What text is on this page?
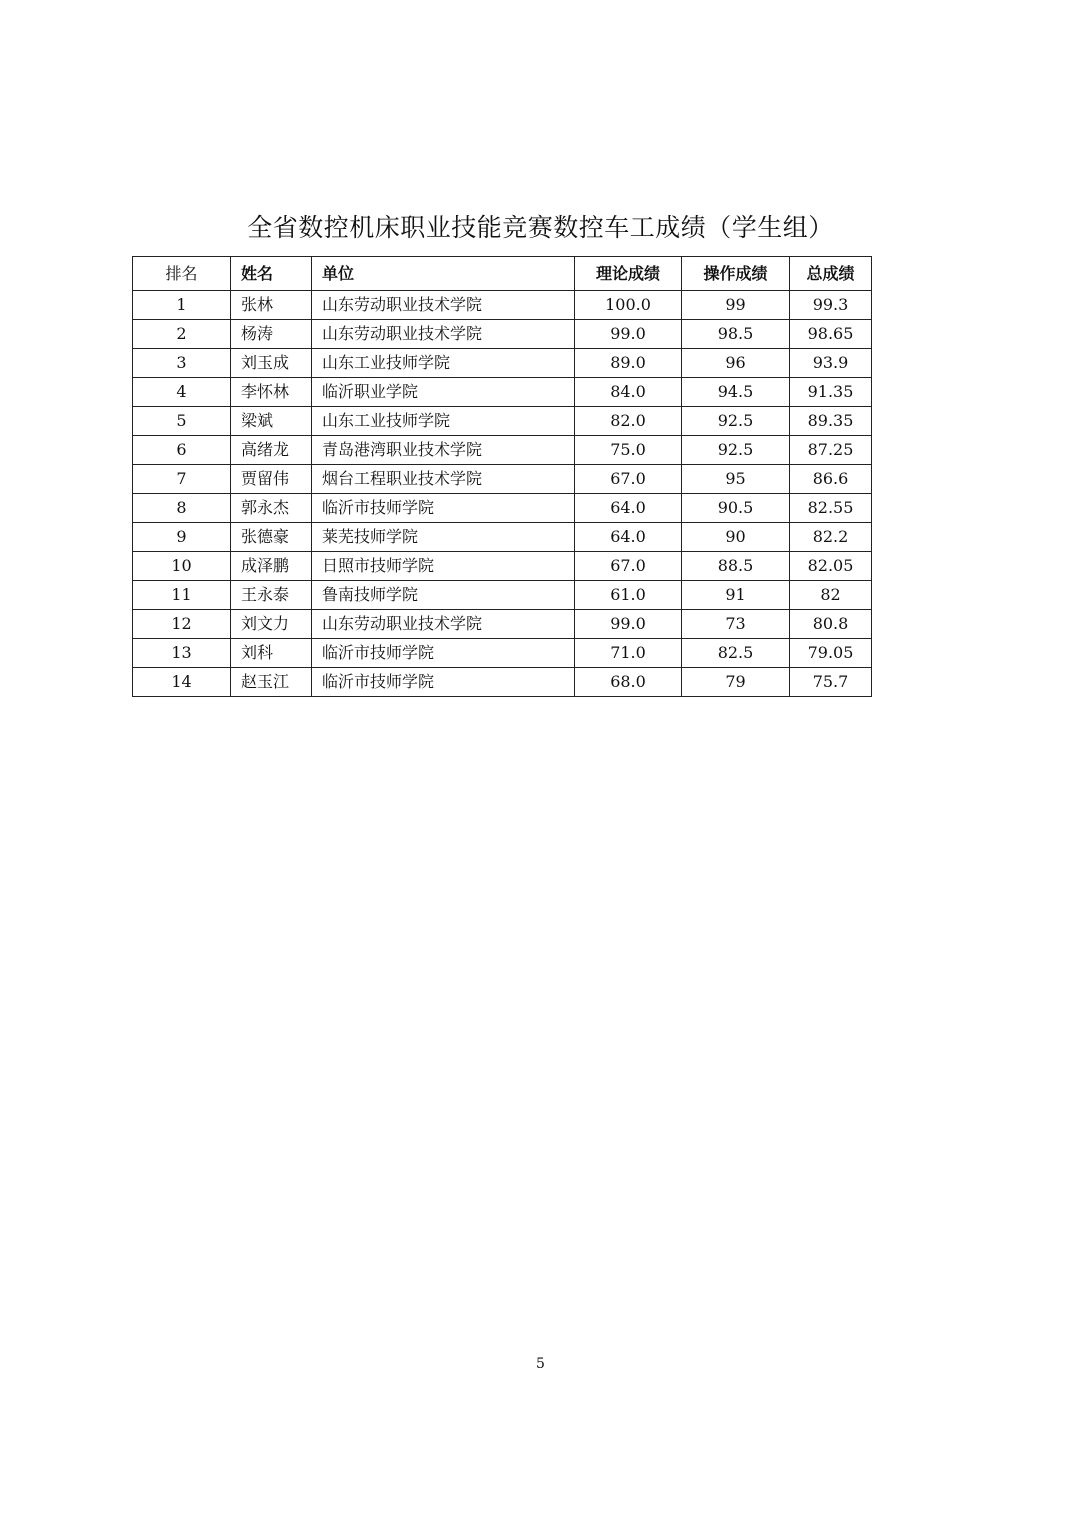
全省数控机床职业技能竞赛数控车工成绩（学生组）
排名	姓名	单位	理论成绩	操作成绩	总成绩
1	张林	山东劳动职业技术学院	100.0	99	99.3
2	杨涛	山东劳动职业技术学院	99.0	98.5	98.65
3	刘玉成	山东工业技师学院	89.0	96	93.9
4	李怀林	临沂职业学院	84.0	94.5	91.35
5	梁斌	山东工业技师学院	82.0	92.5	89.35
6	高绪龙	青岛港湾职业技术学院	75.0	92.5	87.25
7	贾留伟	烟台工程职业技术学院	67.0	95	86.6
8	郭永杰	临沂市技师学院	64.0	90.5	82.55
9	张德豪	莱芜技师学院	64.0	90	82.2
10	成泽鹏	日照市技师学院	67.0	88.5	82.05
11	王永泰	鲁南技师学院	61.0	91	82
12	刘文力	山东劳动职业技术学院	99.0	73	80.8
13	刘科	临沂市技师学院	71.0	82.5	79.05
14	赵玉江	临沂市技师学院	68.0	79	75.7
5
